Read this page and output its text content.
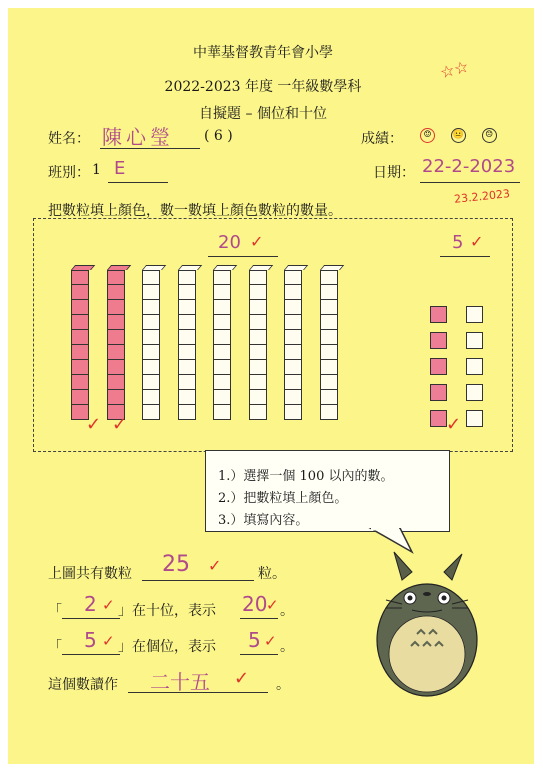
中華基督教青年會小學
2022-2023 年度 一年級數學科
自擬題 – 個位和十位
☆☆
姓名： 陳心瑩 ( 6 )	成績：	☺ 😐 ☹
班別： 1 E	日期： 22-2-2023
23.2.2023
把數粒填上顏色，數一數填上顏色數粒的數量。
20 ✓	5 ✓
✓ ✓	✓
1.）選擇一個 100 以內的數。
2.）把數粒填上顏色。
3.）填寫內容。
上圖共有數粒 25 ✓	粒。
「 2 ✓ 」在十位，表示 20
✓ 。
「 5 ✓ 」在個位，表示 5 ✓ 。
這個數讀作 二十五 ✓ 。
